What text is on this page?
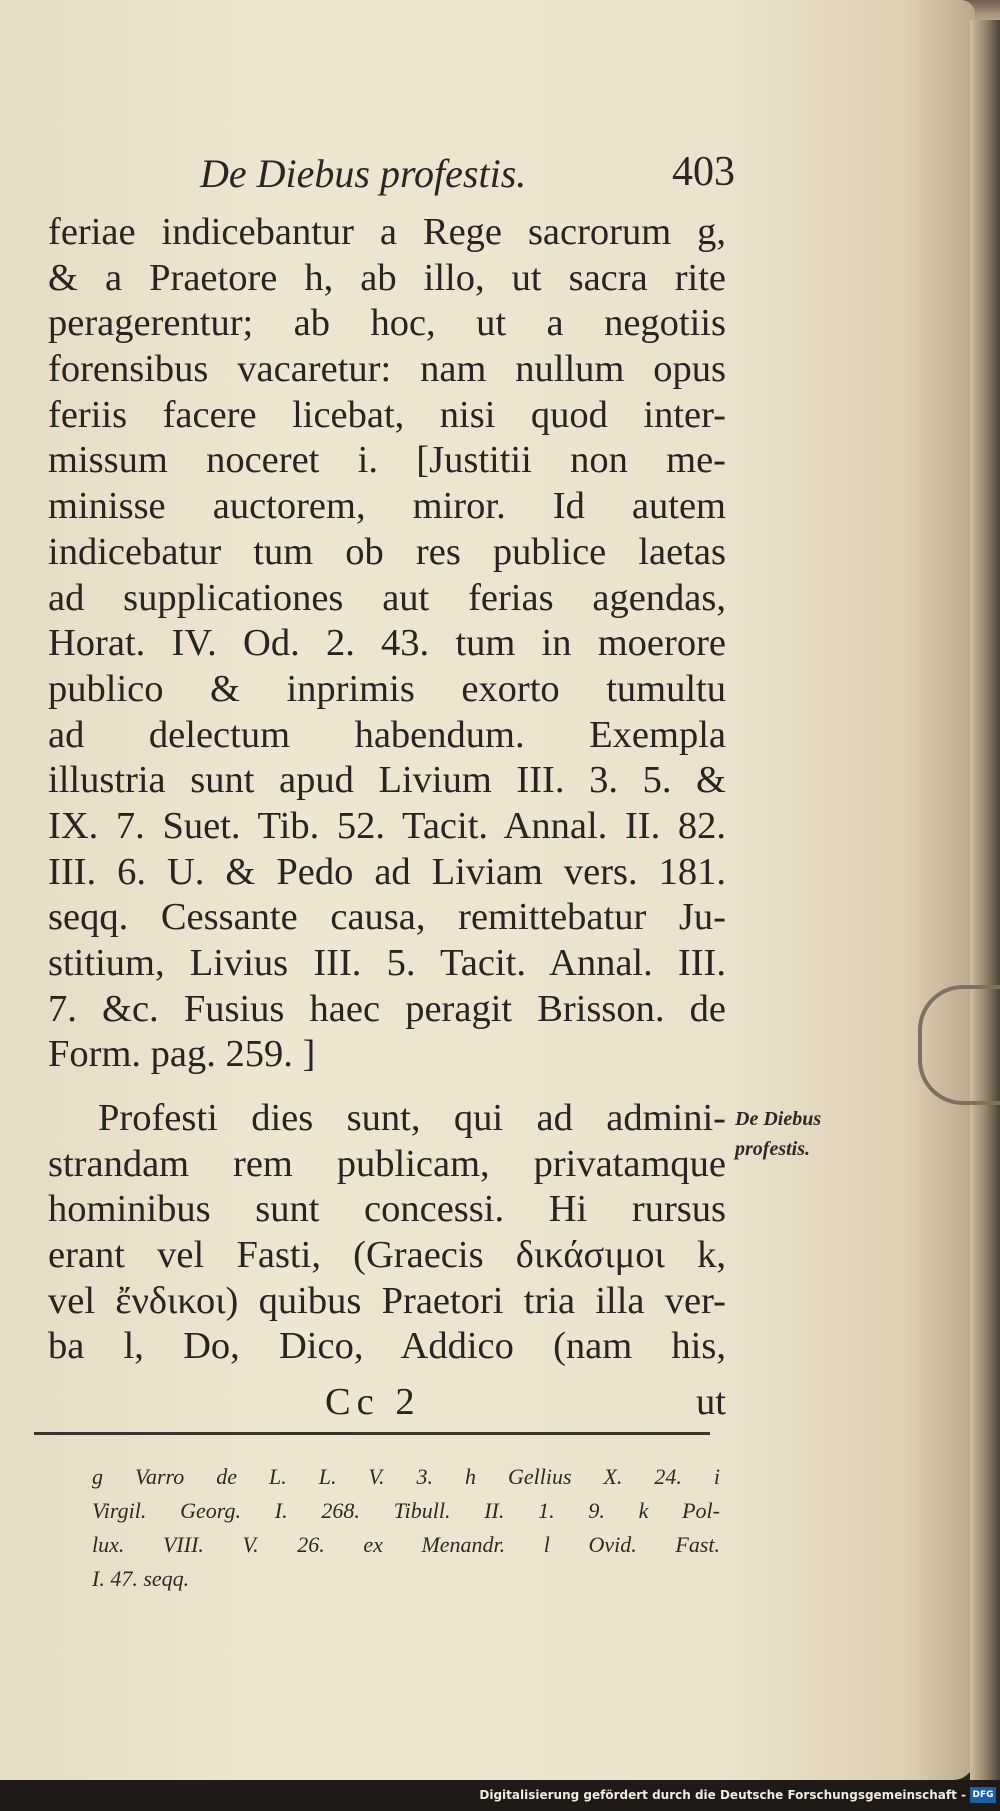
De Diebus profestis.	403
feriae indicebantur a Rege sacrorum g,
& a Praetore h, ab illo, ut sacra rite
peragerentur; ab hoc, ut a negotiis
forensibus vacaretur: nam nullum opus
feriis facere licebat, nisi quod inter-
missum noceret i. [Justitii non me-
minisse auctorem, miror. Id autem
indicebatur tum ob res publice laetas
ad supplicationes aut ferias agendas,
Horat. IV. Od. 2. 43. tum in moerore
publico & inprimis exorto tumultu
ad delectum habendum. Exempla
illustria sunt apud Livium III. 3. 5. &
IX. 7. Suet. Tib. 52. Tacit. Annal. II. 82.
III. 6. U. & Pedo ad Liviam vers. 181.
seqq. Cessante causa, remittebatur Ju-
stitium, Livius III. 5. Tacit. Annal. III.
7. &c. Fusius haec peragit Brisson. de
Form. pag. 259. ]
Profesti dies sunt, qui ad admini-
strandam rem publicam, privatamque
hominibus sunt concessi. Hi rursus
erant vel Fasti, (Graecis δικάσιμοι k,
vel ἔνδικοι) quibus Praetori tria illa ver-
ba l, Do, Dico, Addico (nam his,
De Diebus
profestis.
Cc 2	ut
g Varro de L. L. V. 3. h Gellius X. 24. i
Virgil. Georg. I. 268. Tibull. II. 1. 9. k Pol-
lux. VIII. V. 26. ex Menandr. l Ovid. Fast.
I. 47. seqq.
Digitalisierung gefördert durch die Deutsche Forschungsgemeinschaft - DFG
